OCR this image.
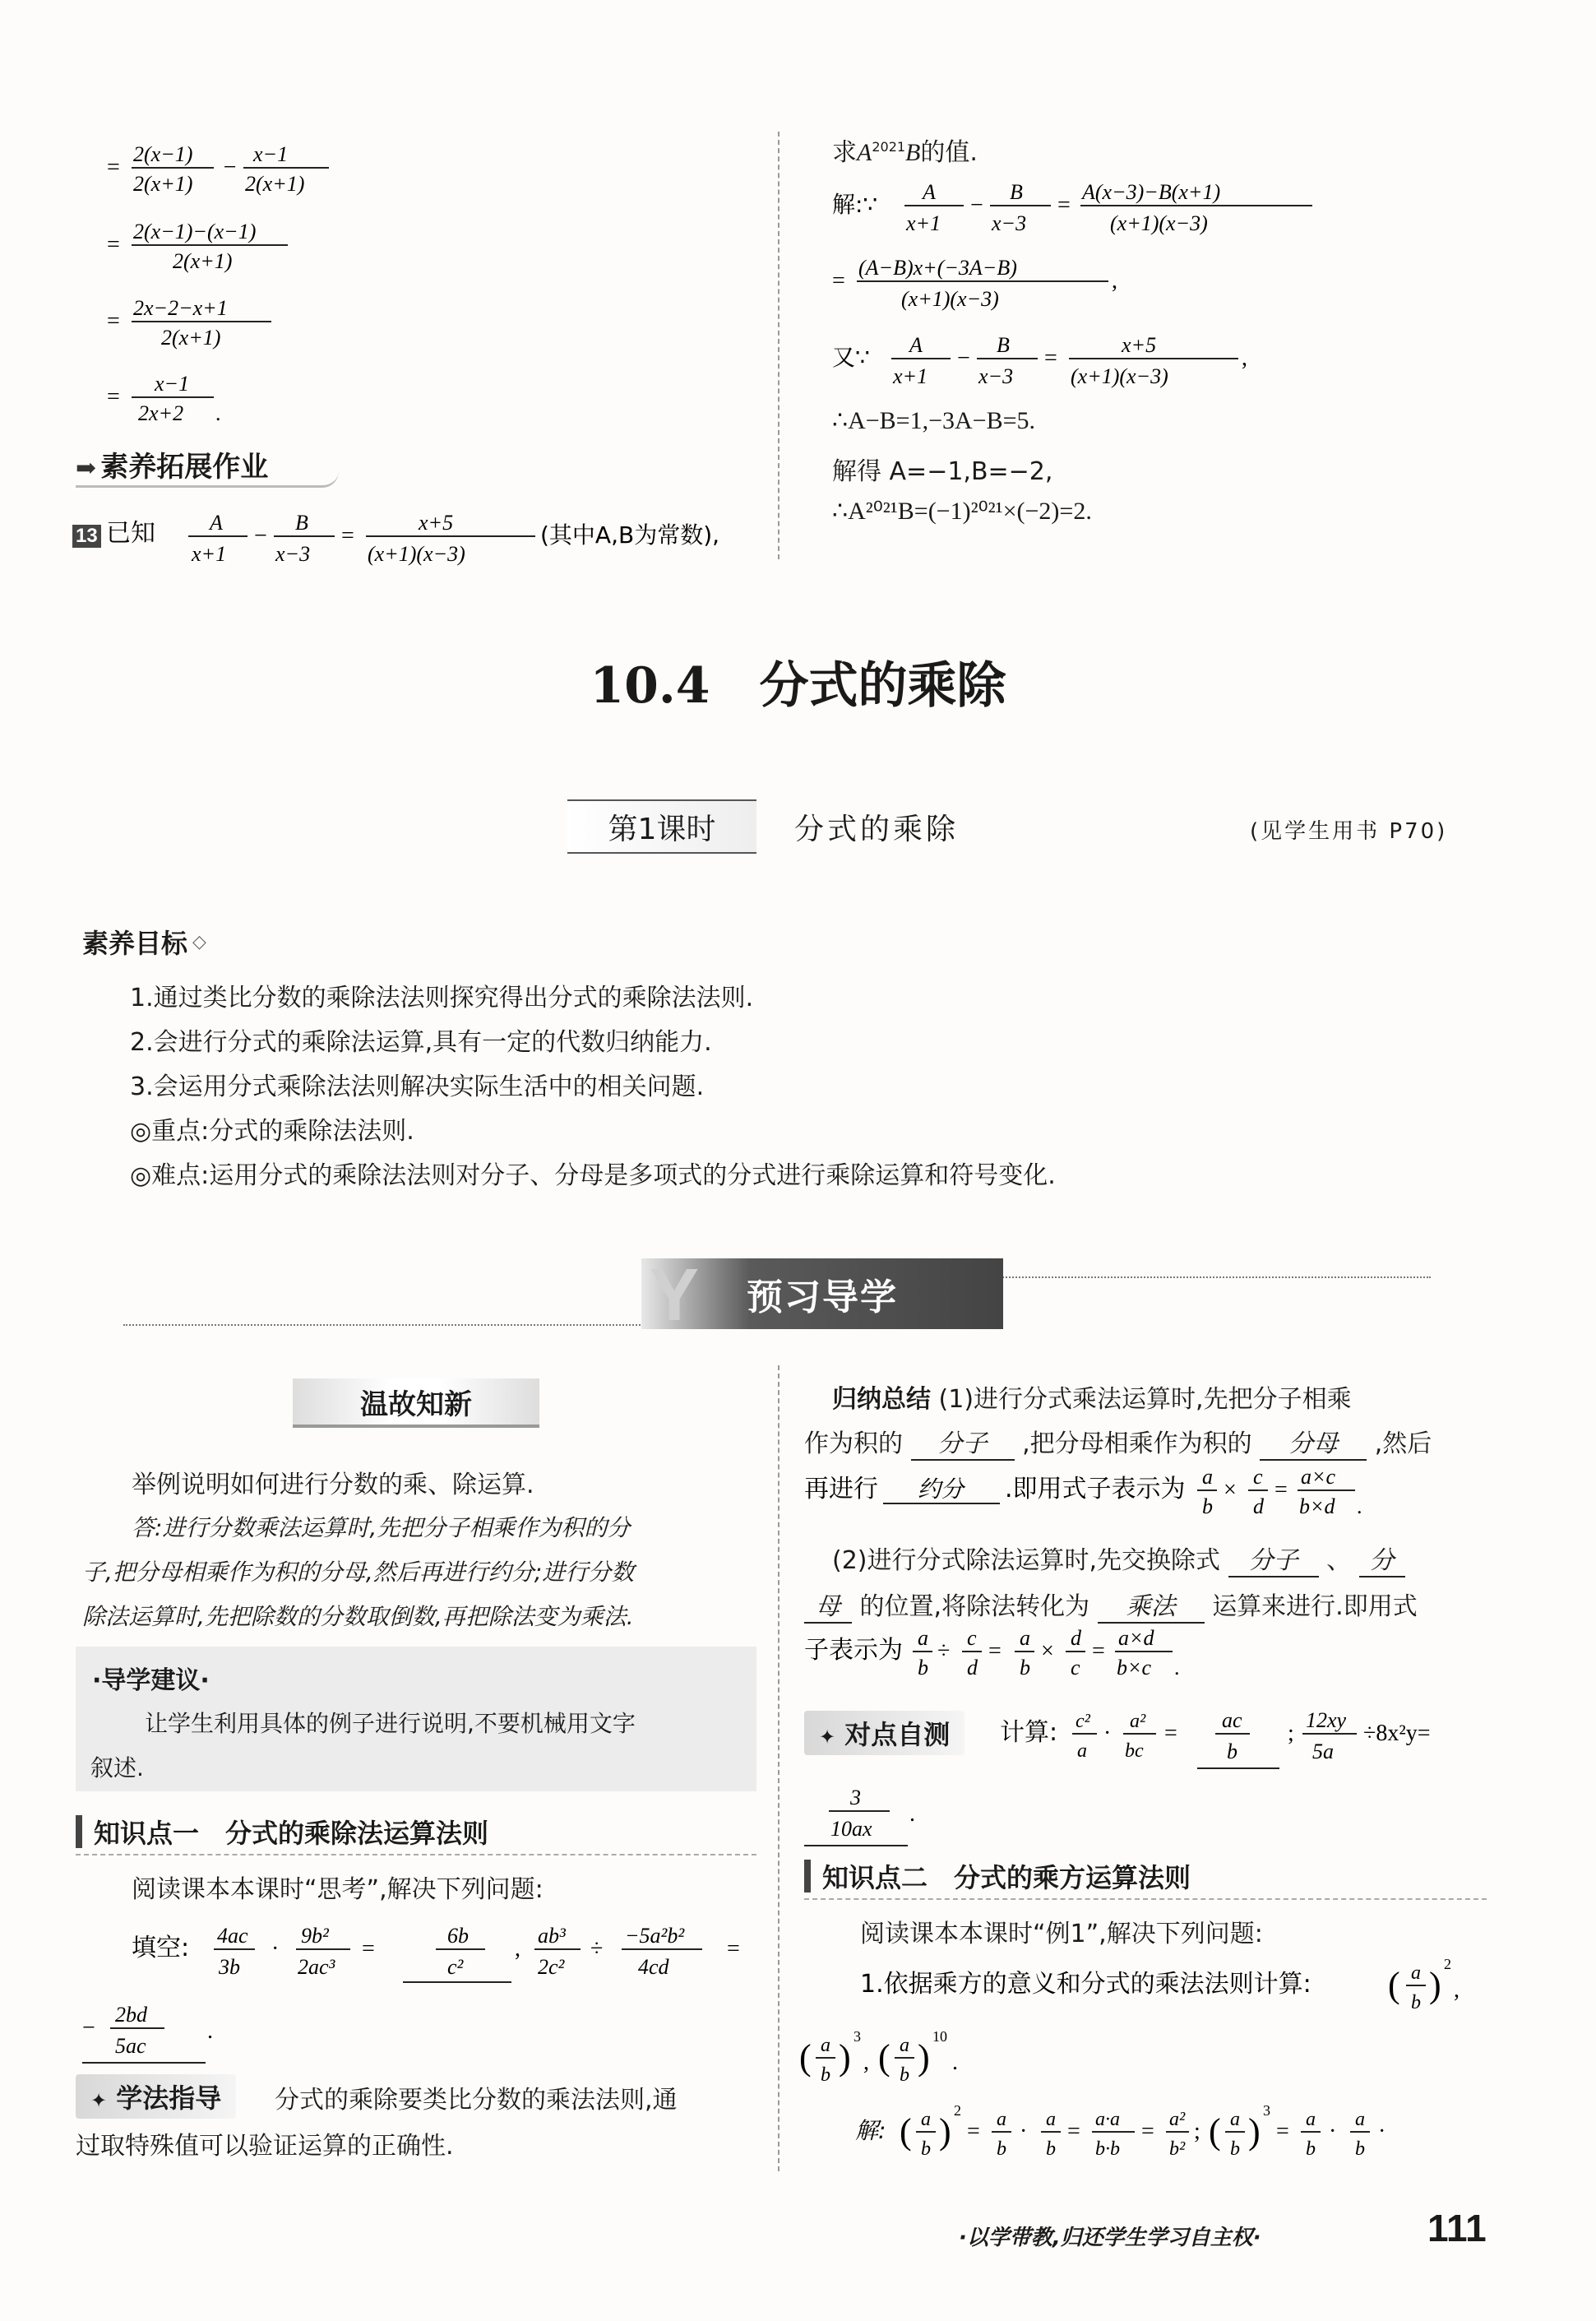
=
2(x−1)
2(x+1)
−
x−1
2(x+1)
=
2(x−1)−(x−1)
2(x+1)
=
2x−2−x+1
2(x+1)
=
x−1
2x+2 .
➡ 素养拓展作业
13 已知	A
x+1
−
B
x−3
=
x+5
(x+1)(x−3)
(其中A,B为常数),
求$A^{2021}B$的值.
解:∵ A
x+1
−
B
x−3
=
A(x−3)−B(x+1)
(x+1)(x−3)
=
(A−B)x+(−3A−B)
(x+1)(x−3)
,
又∵ A
x+1
−
B
x−3
=
x+5
(x+1)(x−3)
,
∴A−B=1,−3A−B=5.
解得 A=−1,B=−2,
∴A²⁰²¹B=(−1)²⁰²¹×(−2)=2.
10.4　分式的乘除
第1课时	分式的乘除	(见学生用书 P70)
素养目标 ◇
1.通过类比分数的乘除法法则探究得出分式的乘除法法则.
2.会进行分式的乘除法运算,具有一定的代数归纳能力.
3.会运用分式乘除法法则解决实际生活中的相关问题.
◎重点:分式的乘除法法则.
◎难点:运用分式的乘除法法则对分子、分母是多项式的分式进行乘除运算和符号变化.
Y 预习导学
温故知新
举例说明如何进行分数的乘、除运算.
答:进行分数乘法运算时,先把分子相乘作为积的分
子,把分母相乘作为积的分母,然后再进行约分;进行分数
除法运算时,先把除数的分数取倒数,再把除法变为乘法.
·导学建议·
让学生利用具体的例子进行说明,不要机械用文字
叙述.
知识点一　分式的乘除法运算法则
阅读课本本课时“思考”,解决下列问题:
填空: 4ac
3b
·
9b²
2ac³
=
6b
c²
,
ab³
2c²
÷
−5a²b²
4cd
=
−
2bd
5ac
.
✦ 学法指导	分式的乘除要类比分数的乘法法则,通
过取特殊值可以验证运算的正确性.
归纳总结 (1)进行分式乘法运算时,先把分子相乘
作为积的 分子 ,把分母相乘作为积的 分母 ,然后
再进行 约分 .即用式子表示为 a
b
×
c
d
=
a×c
b×d .
(2)进行分式除法运算时,先交换除式 分子 、 分
母 的位置,将除法转化为 乘法 运算来进行.即用式
子表示为 a
b
÷
c
d
=
a
b
×
d
c
=
a×d
b×c .
✦ 对点自测	计算: c²
a
· a²
bc
=
ac
b
;
12xy
5a
÷8x²y=
3
10ax
.
知识点二　分式的乘方运算法则
阅读课本本课时“例1”,解决下列问题:
1.依据乘方的意义和分式的乘法法则计算: ( a
b )
2
,
( a
b )
3
, ( a
b )
10
.
解: ( a
b )
2
= a
b
· a
b
= a·a
b·b
= a²
b²
; ( a
b )
3
= a
b
· a
b
·
·以学带教,归还学生学习自主权·	111
